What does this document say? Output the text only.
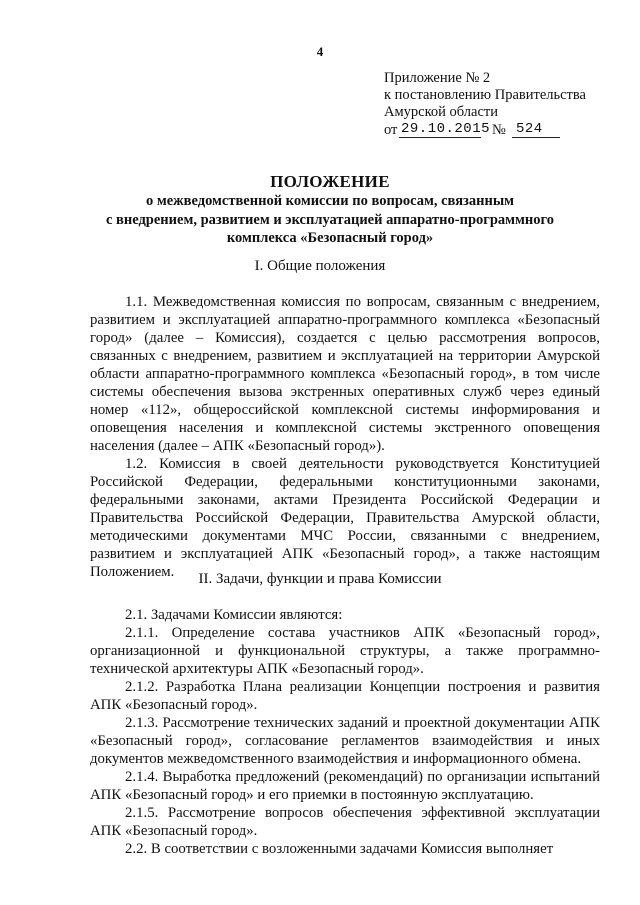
4
Приложение № 2
к постановлению Правительства
Амурской области
от 29.10.2015 № 524
ПОЛОЖЕНИЕ
о межведомственной комиссии по вопросам, связанным
с внедрением, развитием и эксплуатацией аппаратно-программного
комплекса «Безопасный город»
I. Общие положения

1.1. Межведомственная комиссия по вопросам, связанным с внедрением, развитием и эксплуатацией аппаратно-программного комплекса «Безопасный город» (далее – Комиссия), создается с целью рассмотрения вопросов, связанных с внедрением, развитием и эксплуатацией на территории Амурской области аппаратно-программного комплекса «Безопасный город», в том числе системы обеспечения вызова экстренных оперативных служб через единый номер «112», общероссийской комплексной системы информирования и оповещения населения и комплексной системы экстренного оповещения населения (далее – АПК «Безопасный город»).

1.2. Комиссия в своей деятельности руководствуется Конституцией Российской Федерации, федеральными конституционными законами, федеральными законами, актами Президента Российской Федерации и Правительства Российской Федерации, Правительства Амурской области, методическими документами МЧС России, связанными с внедрением, развитием и эксплуатацией АПК «Безопасный город», а также настоящим Положением.	II. Задачи, функции и права Комиссии

2.1. Задачами Комиссии являются:

2.1.1. Определение состава участников АПК «Безопасный город», организационной и функциональной структуры, а также программно-технической архитектуры АПК «Безопасный город».

2.1.2. Разработка Плана реализации Концепции построения и развития АПК «Безопасный город».

2.1.3. Рассмотрение технических заданий и проектной документации АПК «Безопасный город», согласование регламентов взаимодействия и иных документов межведомственного взаимодействия и информационного обмена.

2.1.4. Выработка предложений (рекомендаций) по организации испытаний АПК «Безопасный город» и его приемки в постоянную эксплуатацию.

2.1.5. Рассмотрение вопросов обеспечения эффективной эксплуатации АПК «Безопасный город».

2.2. В соответствии с возложенными задачами Комиссия выполняет
